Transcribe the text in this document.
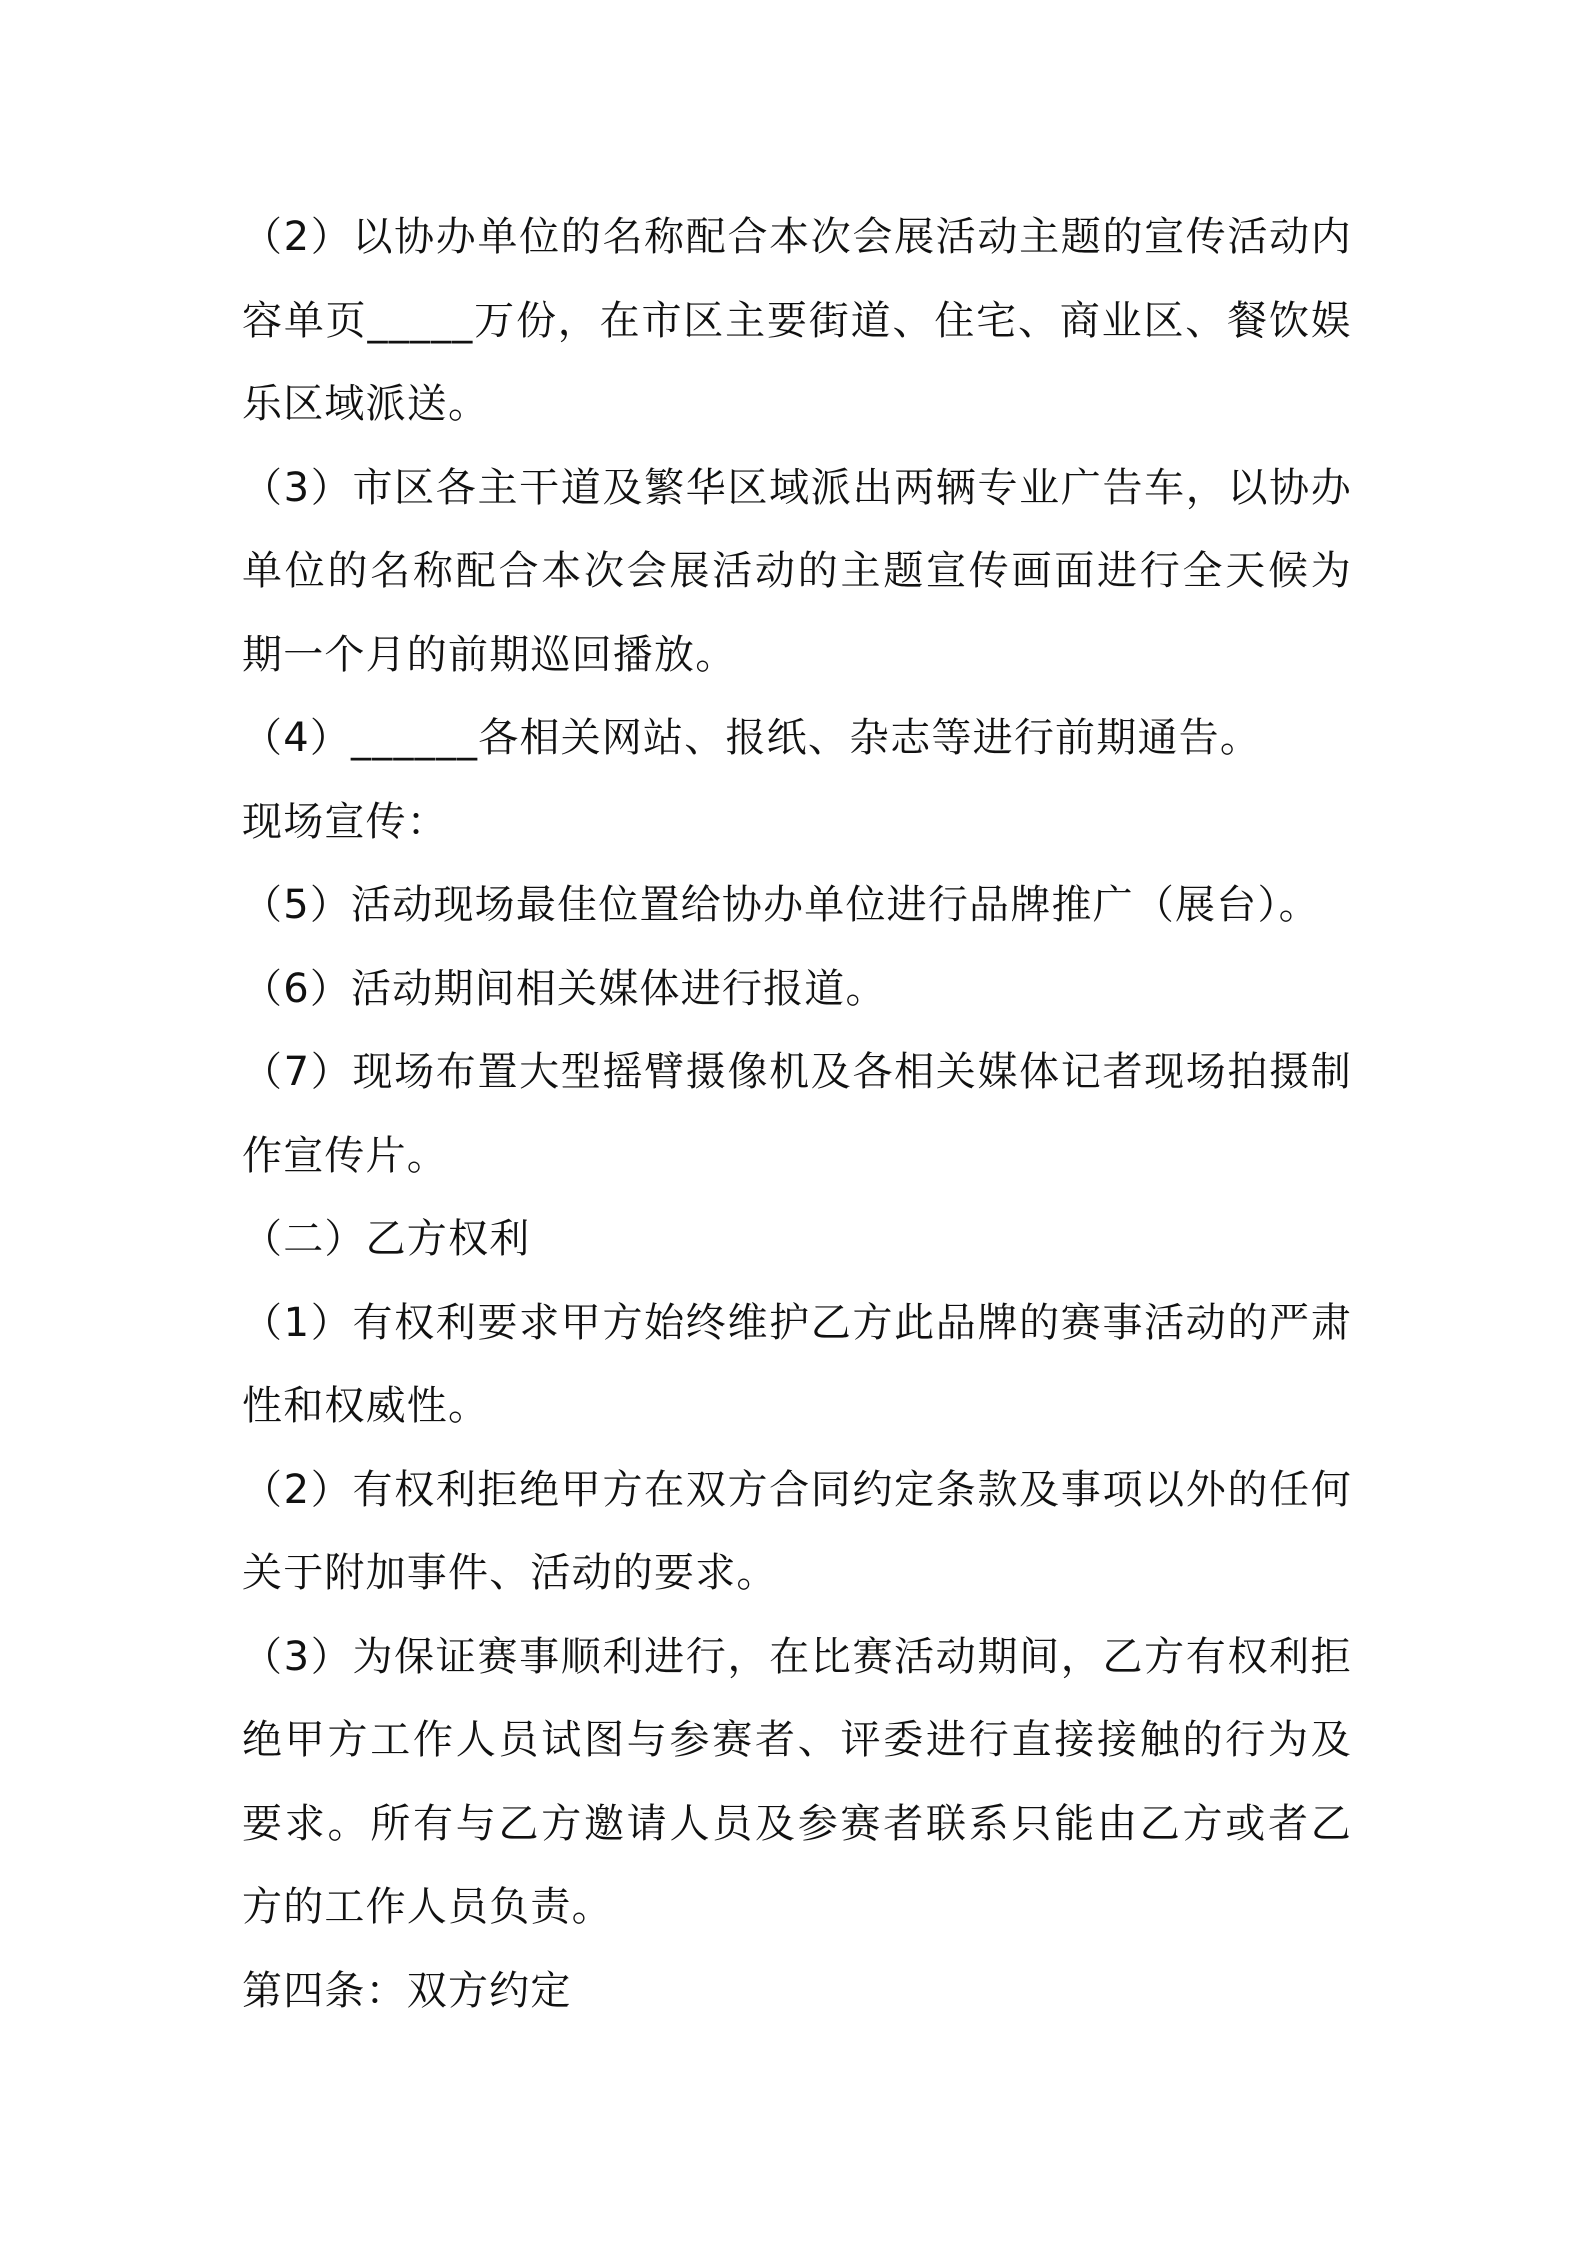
（2）以协办单位的名称配合本次会展活动主题的宣传活动内容单页_____万份，在市区主要街道、住宅、商业区、餐饮娱乐区域派送。

（3）市区各主干道及繁华区域派出两辆专业广告车，以协办单位的名称配合本次会展活动的主题宣传画面进行全天候为期一个月的前期巡回播放。

（4）______各相关网站、报纸、杂志等进行前期通告。

现场宣传：

（5）活动现场最佳位置给协办单位进行品牌推广（展台）。

（6）活动期间相关媒体进行报道。

（7）现场布置大型摇臂摄像机及各相关媒体记者现场拍摄制作宣传片。

（二）乙方权利

（1）有权利要求甲方始终维护乙方此品牌的赛事活动的严肃性和权威性。

（2）有权利拒绝甲方在双方合同约定条款及事项以外的任何关于附加事件、活动的要求。

（3）为保证赛事顺利进行，在比赛活动期间，乙方有权利拒绝甲方工作人员试图与参赛者、评委进行直接接触的行为及要求。所有与乙方邀请人员及参赛者联系只能由乙方或者乙方的工作人员负责。

第四条：双方约定
